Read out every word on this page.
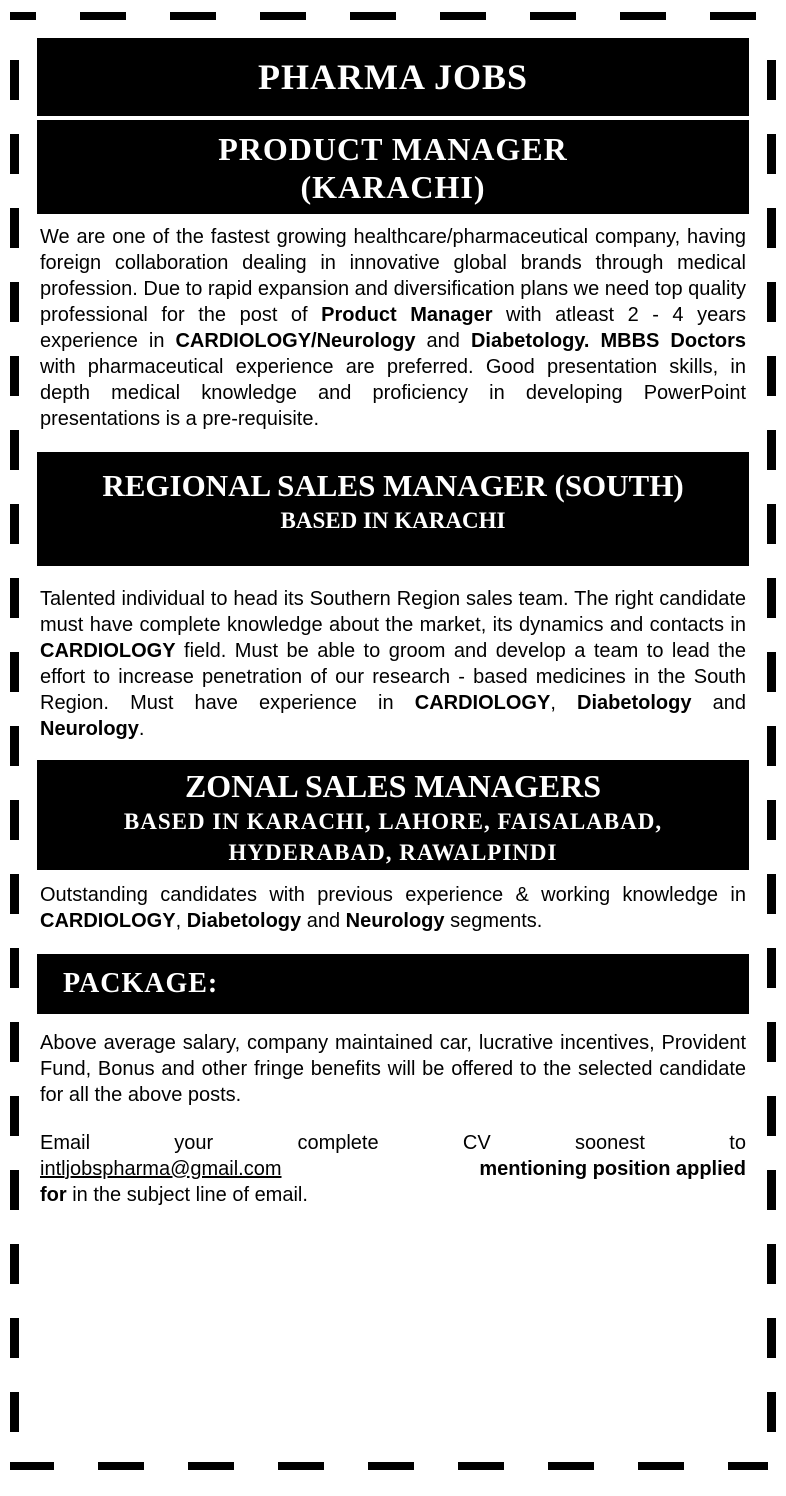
PHARMA JOBS
PRODUCT MANAGER
(KARACHI)

We are one of the fastest growing healthcare/pharmaceutical company, having foreign collaboration dealing in innovative global brands through medical profession. Due to rapid expansion and diversification plans we need top quality professional for the post of Product Manager with atleast 2 - 4 years experience in CARDIOLOGY/Neurology and Diabetology. MBBS Doctors with pharmaceutical experience are preferred. Good presentation skills, in depth medical knowledge and proficiency in developing PowerPoint presentations is a pre-requisite.

REGIONAL SALES MANAGER (SOUTH)
BASED IN KARACHI

Talented individual to head its Southern Region sales team. The right candidate must have complete knowledge about the market, its dynamics and contacts in CARDIOLOGY field. Must be able to groom and develop a team to lead the effort to increase penetration of our research - based medicines in the South Region. Must have experience in CARDIOLOGY, Diabetology and Neurology.

ZONAL SALES MANAGERS
BASED IN KARACHI, LAHORE, FAISALABAD,
HYDERABAD, RAWALPINDI

Outstanding candidates with previous experience & working knowledge in CARDIOLOGY, Diabetology and Neurology segments.

PACKAGE:

Above average salary, company maintained car, lucrative incentives, Provident Fund, Bonus and other fringe benefits will be offered to the selected candidate for all the above posts.

Email	your	complete	CV	soonest	to
intljobspharma@gmail.com	mentioning position applied
for in the subject line of email.
